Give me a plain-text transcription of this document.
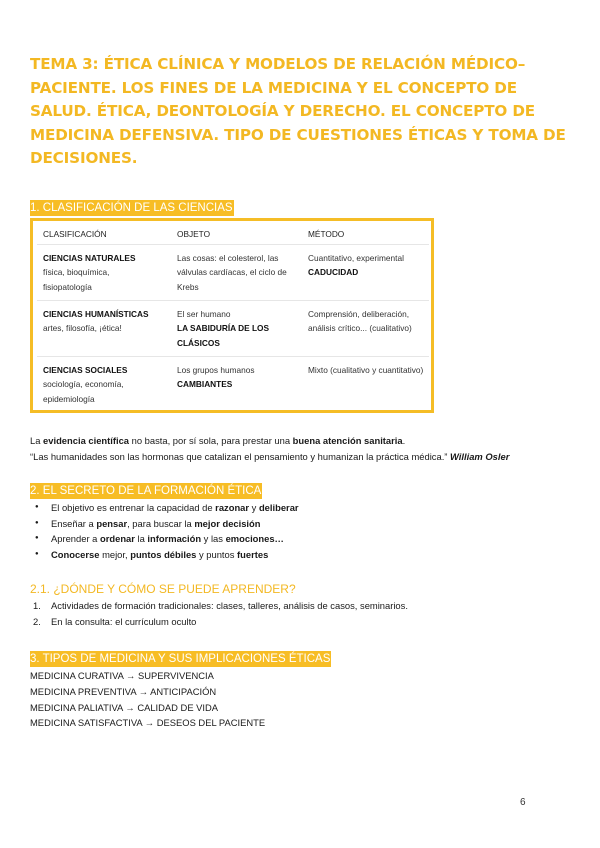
TEMA 3: ÉTICA CLÍNICA Y MODELOS DE RELACIÓN MÉDICO–PACIENTE. LOS FINES DE LA MEDICINA Y EL CONCEPTO DE SALUD. ÉTICA, DEONTOLOGÍA Y DERECHO. EL CONCEPTO DE MEDICINA DEFENSIVA. TIPO DE CUESTIONES ÉTICAS Y TOMA DE DECISIONES.
1. CLASIFICACIÓN DE LAS CIENCIAS
CLASIFICACIÓN	OBJETO	MÉTODO
CIENCIAS NATURALES
física, bioquímica,
fisiopatología
Las cosas: el colesterol, las
válvulas cardíacas, el ciclo de
Krebs
Cuantitativo, experimental
CADUCIDAD
CIENCIAS HUMANÍSTICAS
artes, filosofía, ¡ética!
El ser humano
LA SABIDURÍA DE LOS
CLÁSICOS
Comprensión, deliberación,
análisis crítico... (cualitativo)
CIENCIAS SOCIALES
sociología, economía,
epidemiología
Los grupos humanos
CAMBIANTES
Mixto (cualitativo y cuantitativo)
La evidencia científica no basta, por sí sola, para prestar una buena atención sanitaria.
“Las humanidades son las hormonas que catalizan el pensamiento y humanizan la práctica médica.” William Osler
2. EL SECRETO DE LA FORMACIÓN ÉTICA
● El objetivo es entrenar la capacidad de razonar y deliberar
● Enseñar a pensar, para buscar la mejor decisión
● Aprender a ordenar la información y las emociones…
● Conocerse mejor, puntos débiles y puntos fuertes
2.1. ¿DÓNDE Y CÓMO SE PUEDE APRENDER?
1. Actividades de formación tradicionales: clases, talleres, análisis de casos, seminarios.
2. En la consulta: el currículum oculto
3. TIPOS DE MEDICINA Y SUS IMPLICACIONES ÉTICAS
MEDICINA CURATIVA → SUPERVIVENCIA
MEDICINA PREVENTIVA → ANTICIPACIÓN
MEDICINA PALIATIVA → CALIDAD DE VIDA
MEDICINA SATISFACTIVA → DESEOS DEL PACIENTE
6
